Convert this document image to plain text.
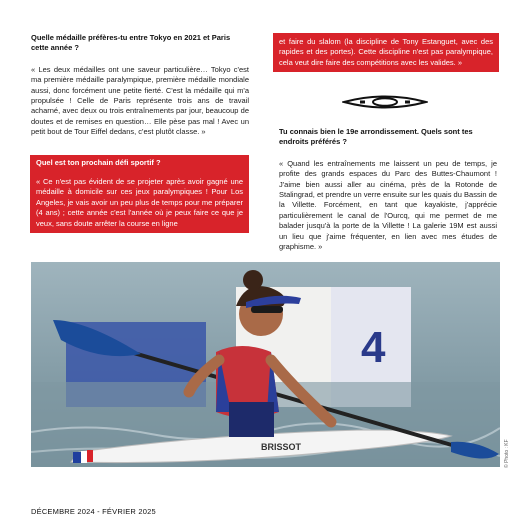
Quelle médaille préfères-tu entre Tokyo en 2021 et Paris cette année ?

« Les deux médailles ont une saveur particulière… Tokyo c'est ma première médaille paralympique, première médaille mondiale aussi, donc forcément une petite fierté. C'est la médaille qui m'a propulsée ! Celle de Paris représente trois ans de travail acharné, avec deux ou trois entraînements par jour, beaucoup de doutes et de remises en question… Elle pèse pas mal ! Avec un petit bout de Tour Eiffel dedans, c'est plutôt classe. »

Quel est ton prochain défi sportif ?

« Ce n'est pas évident de se projeter après avoir gagné une médaille à domicile sur ces jeux paralympiques ! Pour Los Angeles, je vais avoir un peu plus de temps pour me préparer (4 ans) ; cette année c'est l'année où je peux faire ce que je veux, sans doute arrêter la course en ligne

et faire du slalom (la discipline de Tony Estanguet, avec des rapides et des portes). Cette discipline n'est pas paralympique, cela veut dire faire des compétitions avec les valides. »

Tu connais bien le 19e arrondissement. Quels sont tes endroits préférés ?

« Quand les entraînements me laissent un peu de temps, je profite des grands espaces du Parc des Buttes-Chaumont ! J'aime bien aussi aller au cinéma, près de la Rotonde de Stalingrad, et prendre un verre ensuite sur les quais du Bassin de la Villette. Forcément, en tant que kayakiste, j'apprécie particulièrement le canal de l'Ourcq, qui me permet de me balader jusqu'à la porte de la Villette ! La galerie 19M est aussi un lieu que j'aime fréquenter, en lien avec mes études de graphisme. »

4
BRISSOT	© Photo : KF
DÉCEMBRE 2024 - FÉVRIER 2025
